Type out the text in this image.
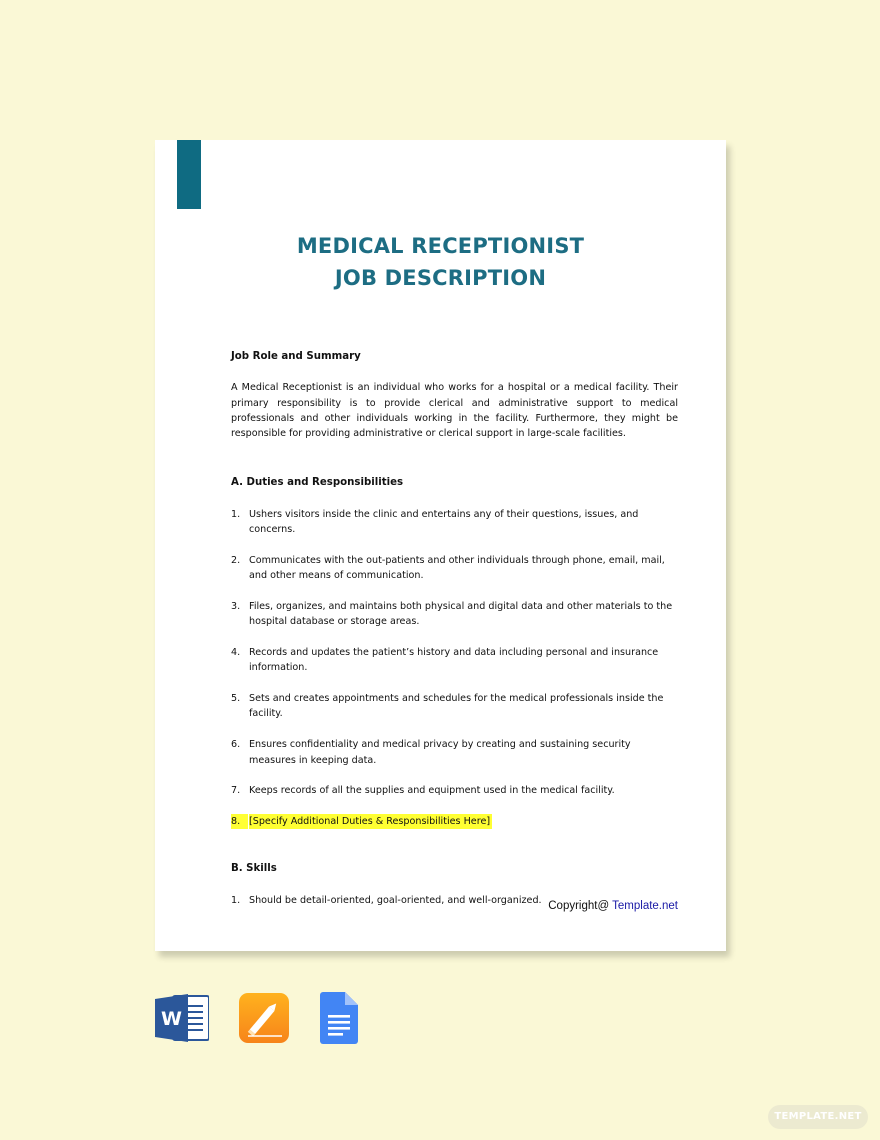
MEDICAL RECEPTIONIST
JOB DESCRIPTION

Job Role and Summary

A Medical Receptionist is an individual who works for a hospital or a medical facility. Their primary responsibility is to provide clerical and administrative support to medical professionals and other individuals working in the facility. Furthermore, they might be responsible for providing administrative or clerical support in large-scale facilities.

A. Duties and Responsibilities

1. Ushers visitors inside the clinic and entertains any of their questions, issues, and concerns.
2. Communicates with the out-patients and other individuals through phone, email, mail, and other means of communication.
3. Files, organizes, and maintains both physical and digital data and other materials to the hospital database or storage areas.
4. Records and updates the patient’s history and data including personal and insurance information.
5. Sets and creates appointments and schedules for the medical professionals inside the facility.
6. Ensures confidentiality and medical privacy by creating and sustaining security measures in keeping data.
7. Keeps records of all the supplies and equipment used in the medical facility.
8. [Specify Additional Duties & Responsibilities Here]

B. Skills

1. Should be detail-oriented, goal-oriented, and well-organized. Copyright@ Template.net
W
TEMPLATE.NET
